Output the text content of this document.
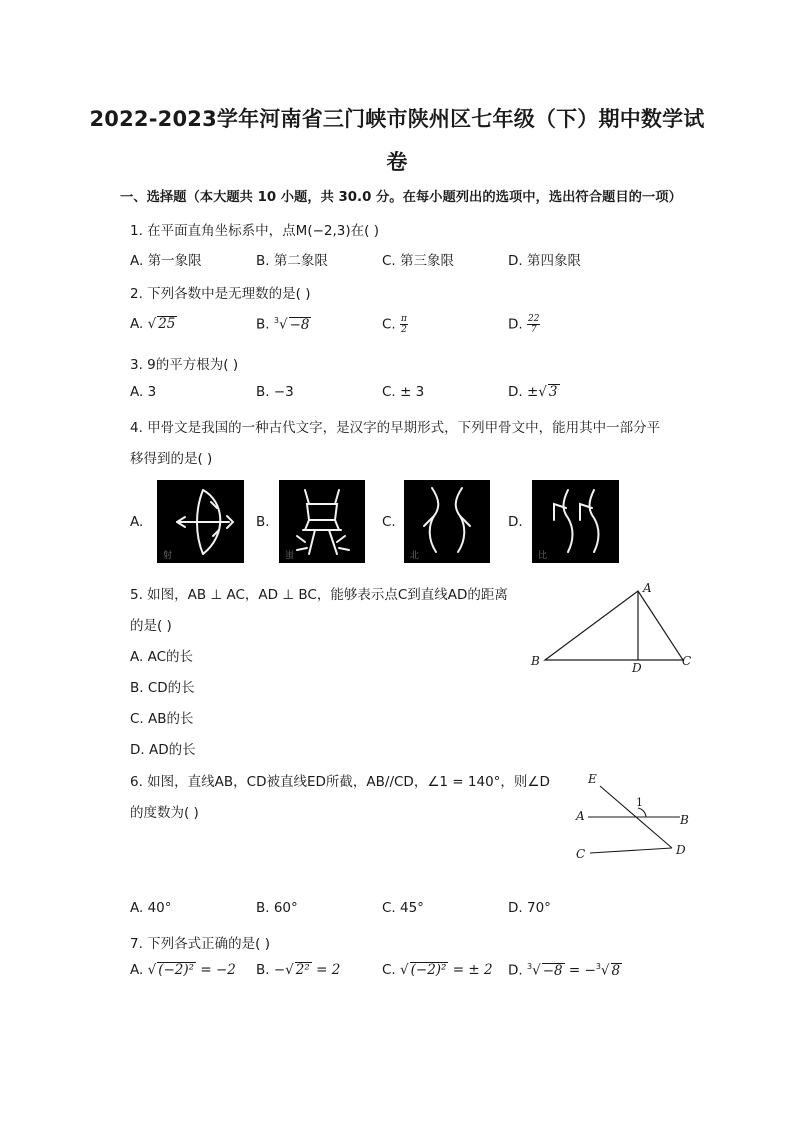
2022-2023学年河南省三门峡市陕州区七年级（下）期中数学试
卷
一、选择题（本大题共 10 小题，共 30.0 分。在每小题列出的选项中，选出符合题目的一项）
1. 在平面直角坐标系中，点M(−2,3)在( )
A. 第一象限	B. 第二象限	C. 第三象限	D. 第四象限
2. 下列各数中是无理数的是( )
A. √ 25	B. $^3$√ −8	C. $\frac{\pi}{2}$	D. $\frac{22}{7}$
3. 9的平方根为( )
A. 3	B. −3	C. ± 3	D. ±√ 3
4. 甲骨文是我国的一种古代文字，是汉字的早期形式，下列甲骨文中，能用其中一部分平
移得到的是( )
A.	B.	C.	D.
射	蚩	北	比
5. 如图，AB ⊥ AC，AD ⊥ BC，能够表示点C到直线AD的距离
的是( )
A. AC的长
B. CD的长
C. AB的长
D. AD的长
A
B	D	C
6. 如图，直线AB，CD被直线ED所截，AB//CD，∠1 = 140°，则∠D
的度数为( )
E
1
A	B
C	D
A. 40°	B. 60°	C. 45°	D. 70°
7. 下列各式正确的是( )
A. √ (−2)² = −2 B. −√ 2² = 2	C. √ (−2)² = ± 2 D. $^3$√ −8 = −$^3$√ 8
